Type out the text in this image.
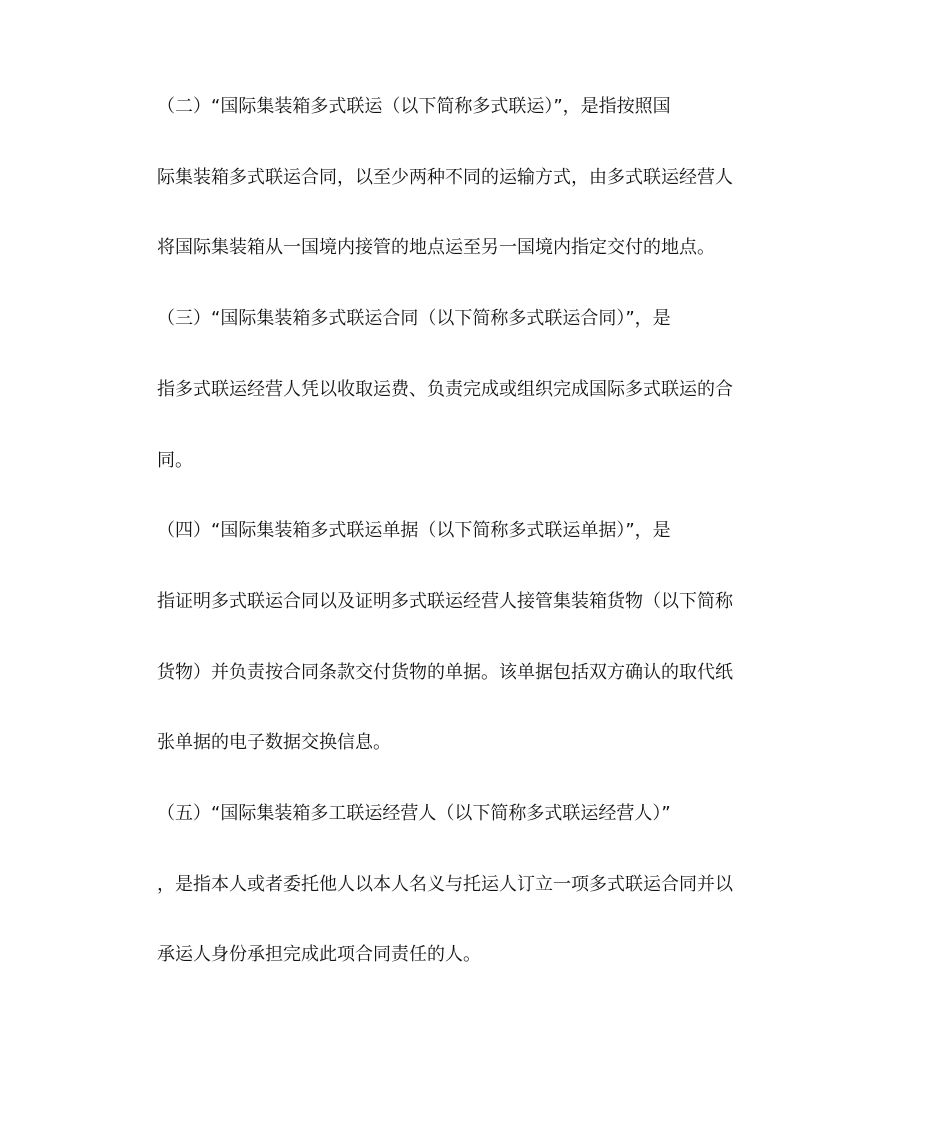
（二）“国际集装箱多式联运（以下简称多式联运）”，是指按照国
际集装箱多式联运合同，以至少两种不同的运输方式，由多式联运经营人
将国际集装箱从一国境内接管的地点运至另一国境内指定交付的地点。
（三）“国际集装箱多式联运合同（以下简称多式联运合同）”，是
指多式联运经营人凭以收取运费、负责完成或组织完成国际多式联运的合
同。
（四）“国际集装箱多式联运单据（以下简称多式联运单据）”，是
指证明多式联运合同以及证明多式联运经营人接管集装箱货物（以下简称
货物）并负责按合同条款交付货物的单据。该单据包括双方确认的取代纸
张单据的电子数据交换信息。
（五）“国际集装箱多工联运经营人（以下简称多式联运经营人）”
，是指本人或者委托他人以本人名义与托运人订立一项多式联运合同并以
承运人身份承担完成此项合同责任的人。
